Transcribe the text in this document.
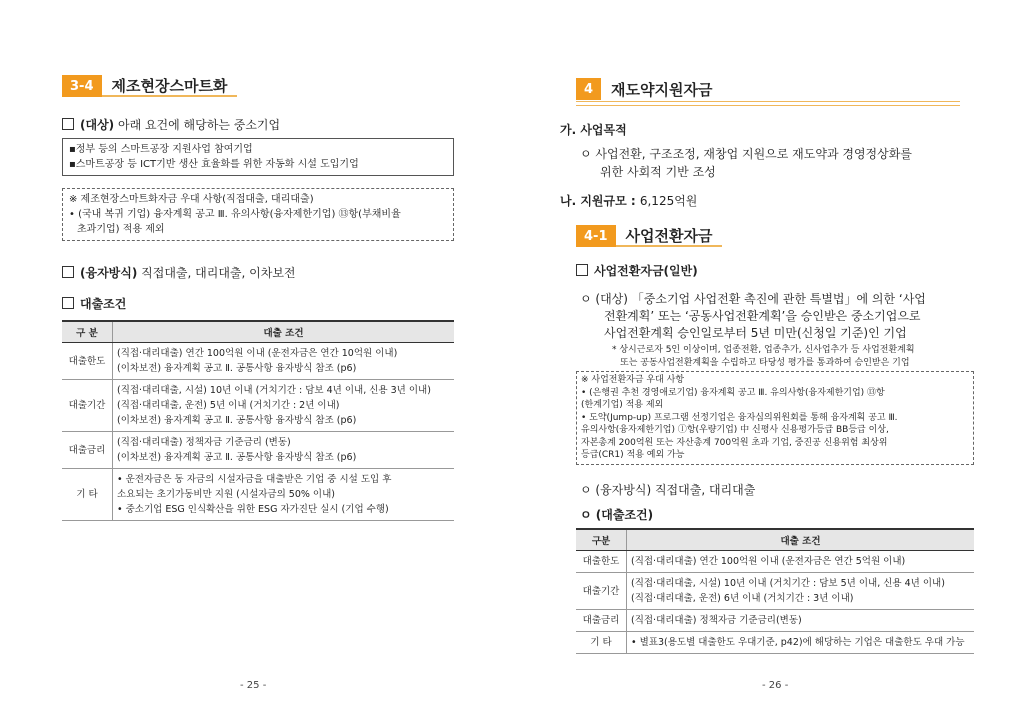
3-4	제조현장스마트화
(대상) 아래 요건에 해당하는 중소기업
▪정부 등의 스마트공장 지원사업 참여기업
▪스마트공장 등 ICT기반 생산 효율화를 위한 자동화 시설 도입기업
※ 제조현장스마트화자금 우대 사항(직접대출, 대리대출)
• (국내 복귀 기업) 융자계획 공고 Ⅲ. 유의사항(융자제한기업) ⑬항(부채비율
초과기업) 적용 제외
(융자방식) 직접대출, 대리대출, 이차보전
대출조건
구 분	대출 조건
대출한도	(직접·대리대출) 연간 100억원 이내 (운전자금은 연간 10억원 이내)
(이차보전) 융자계획 공고 Ⅱ. 공통사항 융자방식 참조 (p6)

대출기간	(직접·대리대출, 시설) 10년 이내 (거치기간 : 담보 4년 이내, 신용 3년 이내)
(직접·대리대출, 운전) 5년 이내 (거치기간 : 2년 이내)
(이차보전) 융자계획 공고 Ⅱ. 공통사항 융자방식 참조 (p6)

대출금리	(직접·대리대출) 정책자금 기준금리 (변동)
(이차보전) 융자계획 공고 Ⅱ. 공통사항 융자방식 참조 (p6)

기 타	• 운전자금은 동 자금의 시설자금을 대출받은 기업 중 시설 도입 후
소요되는 초기가동비만 지원 (시설자금의 50% 이내)
• 중소기업 ESG 인식확산을 위한 ESG 자가진단 실시 (기업 수행)
- 25 -
4	재도약지원자금
가. 사업목적
ㅇ 사업전환, 구조조정, 재창업 지원으로 재도약과 경영정상화를
위한 사회적 기반 조성
나. 지원규모 : 6,125억원
4-1	사업전환자금
사업전환자금(일반)
ㅇ (대상) 「중소기업 사업전환 촉진에 관한 특별법」에 의한 ‘사업
전환계획’ 또는 ‘공동사업전환계획’을 승인받은 중소기업으로
사업전환계획 승인일로부터 5년 미만(신청일 기준)인 기업
* 상시근로자 5인 이상이며, 업종전환, 업종추가, 신사업추가 등 사업전환계획
또는 공동사업전환계획을 수립하고 타당성 평가를 통과하여 승인받은 기업
※ 사업전환자금 우대 사항
• (은행권 추천 경영애로기업) 융자계획 공고 Ⅲ. 유의사항(융자제한기업) ⑬항
(한계기업) 적용 제외
• 도약(Jump-up) 프로그램 선정기업은 융자심의위원회를 통해 융자계획 공고 Ⅲ.
유의사항(융자제한기업) ⓛ항(우량기업) 中 신평사 신용평가등급 BB등급 이상,
자본총계 200억원 또는 자산총계 700억원 초과 기업, 중진공 신용위험 최상위
등급(CR1) 적용 예외 가능
ㅇ (융자방식) 직접대출, 대리대출
ㅇ (대출조건)
구분	대출 조건
대출한도	(직접·대리대출) 연간 100억원 이내 (운전자금은 연간 5억원 이내)

대출기간	(직접·대리대출, 시설) 10년 이내 (거치기간 : 담보 5년 이내, 신용 4년 이내)
(직접·대리대출, 운전) 6년 이내 (거치기간 : 3년 이내)

대출금리	(직접·대리대출) 정책자금 기준금리(변동)

기 타	• 별표3(용도별 대출한도 우대기준, p42)에 해당하는 기업은 대출한도 우대 가능
- 26 -
